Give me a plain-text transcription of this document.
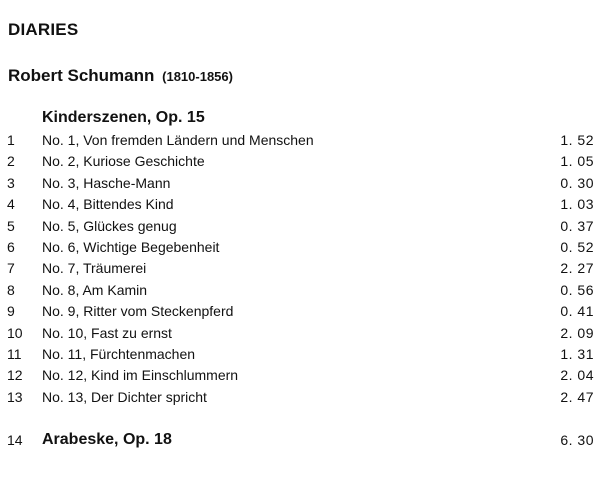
DIARIES
Robert Schumann (1810-1856)
Kinderszenen, Op. 15
1 No. 1, Von fremden Ländern und Menschen	1. 52
2 No. 2, Kuriose Geschichte	1. 05
3 No. 3, Hasche-Mann	0. 30
4 No. 4, Bittendes Kind	1. 03
5 No. 5, Glückes genug	0. 37
6 No. 6, Wichtige Begebenheit	0. 52
7 No. 7, Träumerei	2. 27
8 No. 8, Am Kamin	0. 56
9 No. 9, Ritter vom Steckenpferd	0. 41
10 No. 10, Fast zu ernst	2. 09
11 No. 11, Fürchtenmachen	1. 31
12 No. 12, Kind im Einschlummern	2. 04
13 No. 13, Der Dichter spricht	2. 47
14 Arabeske, Op. 18	6. 30
